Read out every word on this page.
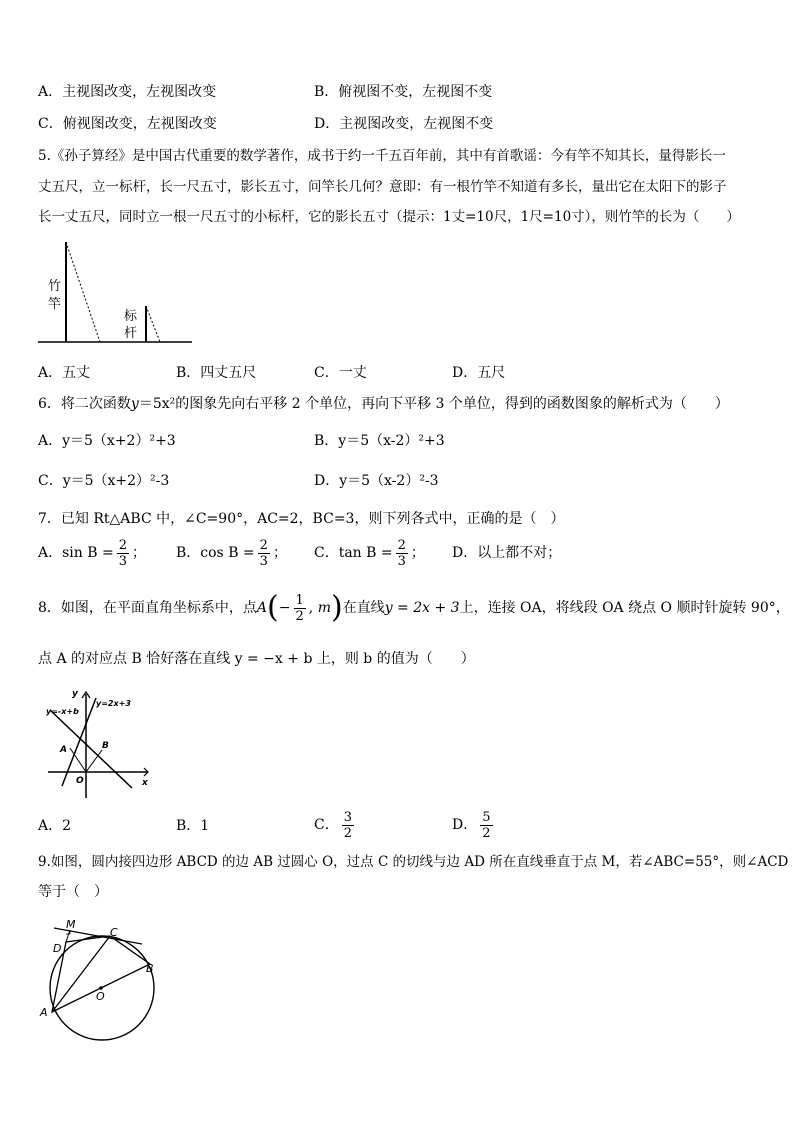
A．主视图改变，左视图改变	B．俯视图不变，左视图不变
C．俯视图改变，左视图改变	D．主视图改变，左视图不变
5.《孙子算经》是中国古代重要的数学著作，成书于约一千五百年前，其中有首歌谣：今有竿不知其长，量得影长一
丈五尺，立一标杆，长一尺五寸，影长五寸，问竿长几何？意即：有一根竹竿不知道有多长，量出它在太阳下的影子
长一丈五尺，同时立一根一尺五寸的小标杆，它的影长五寸（提示：1丈=10尺，1尺=10寸），则竹竿的长为（　　）
竹
竿
标
杆
A．五丈	B．四丈五尺	C．一丈	D．五尺
6．将二次函数y＝5x²的图象先向右平移 2 个单位，再向下平移 3 个单位，得到的函数图象的解析式为（　　）
A．y＝5（x+2）²+3	B．y＝5（x-2）²+3
C．y＝5（x+2）²-3	D．y＝5（x-2）²-3
7．已知 Rt△ABC 中，∠C=90°，AC=2，BC=3，则下列各式中，正确的是（　）
A．$\sin B = \frac{2}{3}$ ； B．$\cos B = \frac{2}{3}$ ； C．$\tan B = \frac{2}{3}$ ； D．以上都不对；
8．如图，在平面直角坐标系中，点$A(- \frac{1}{2}$ , m)在直线y = 2x + 3上，连接 OA，将线段 OA 绕点 O 顺时针旋转 90°，
点 A 的对应点 B 恰好落在直线 y = −x + b 上，则 b 的值为（　　）
y
x
y=-x+b
y=2x+3
A	B
O
A．2	B．1	C． $\frac{3}{2}$	D． $\frac{5}{2}$
9.如图，圆内接四边形 ABCD 的边 AB 过圆心 O，过点 C 的切线与边 AD 所在直线垂直于点 M，若∠ABC=55°，则∠ACD
等于（　）
M
C
D
B
O
A
